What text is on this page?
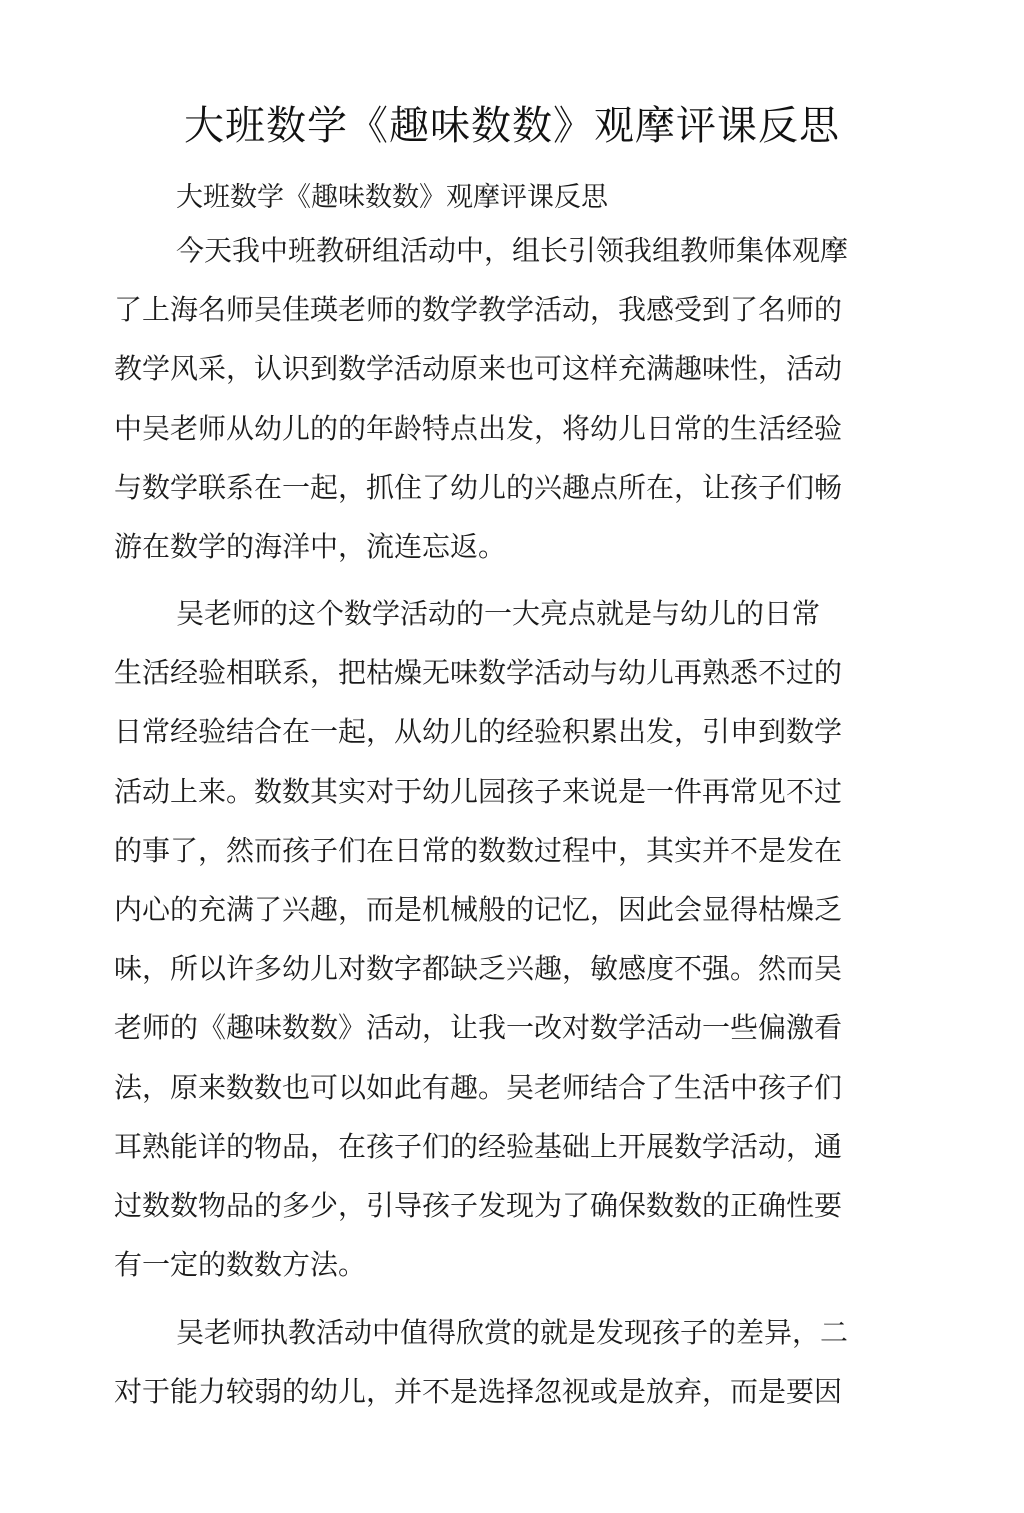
大班数学《趣味数数》观摩评课反思

大班数学《趣味数数》观摩评课反思

今天我中班教研组活动中，组长引领我组教师集体观摩
了上海名师吴佳瑛老师的数学教学活动，我感受到了名师的
教学风采，认识到数学活动原来也可这样充满趣味性，活动
中吴老师从幼儿的的年龄特点出发，将幼儿日常的生活经验
与数学联系在一起，抓住了幼儿的兴趣点所在，让孩子们畅
游在数学的海洋中，流连忘返。
吴老师的这个数学活动的一大亮点就是与幼儿的日常
生活经验相联系，把枯燥无味数学活动与幼儿再熟悉不过的
日常经验结合在一起，从幼儿的经验积累出发，引申到数学
活动上来。数数其实对于幼儿园孩子来说是一件再常见不过
的事了，然而孩子们在日常的数数过程中，其实并不是发在
内心的充满了兴趣，而是机械般的记忆，因此会显得枯燥乏
味，所以许多幼儿对数字都缺乏兴趣，敏感度不强。然而吴
老师的《趣味数数》活动，让我一改对数学活动一些偏激看
法，原来数数也可以如此有趣。吴老师结合了生活中孩子们
耳熟能详的物品，在孩子们的经验基础上开展数学活动，通
过数数物品的多少，引导孩子发现为了确保数数的正确性要
有一定的数数方法。
吴老师执教活动中值得欣赏的就是发现孩子的差异，二
对于能力较弱的幼儿，并不是选择忽视或是放弃，而是要因
